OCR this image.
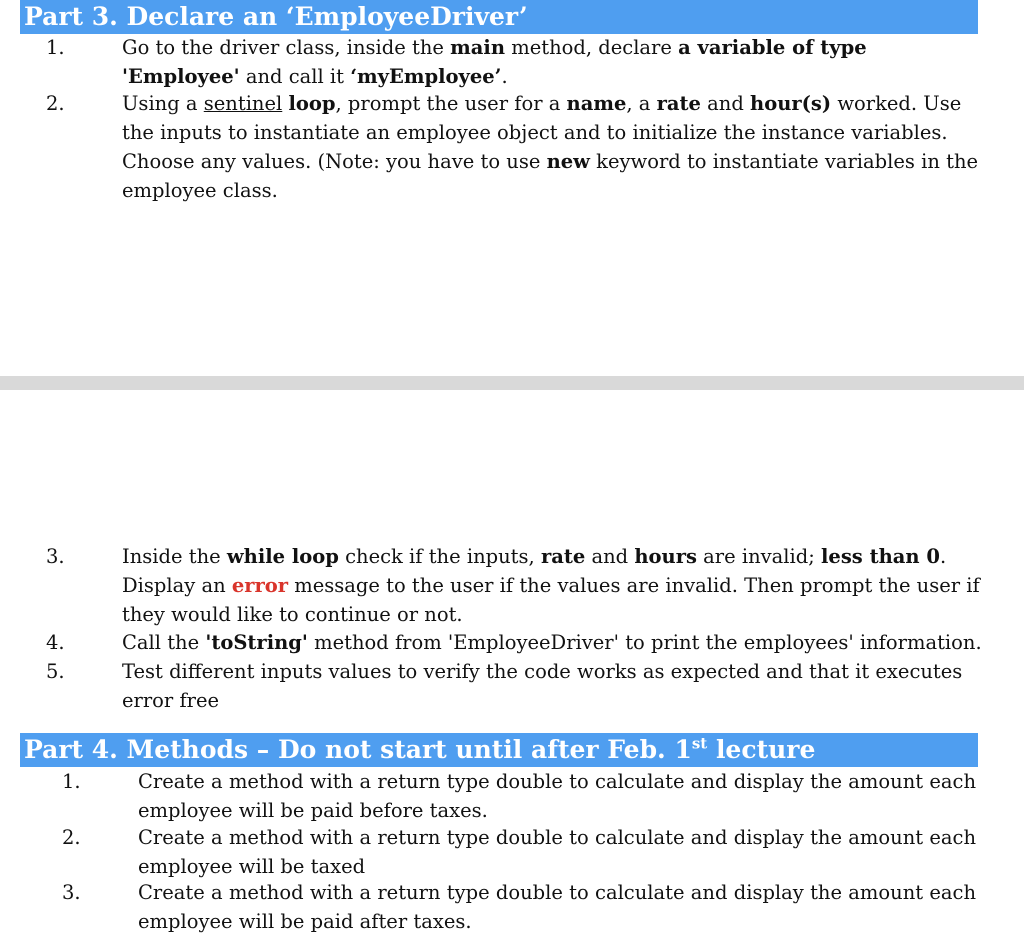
Part 3. Declare an ‘EmployeeDriver’
1.	Go to the driver class, inside the main method, declare a variable of type 'Employee' and call it ‘myEmployee’.
2.	Using a sentinel loop, prompt the user for a name, a rate and hour(s) worked. Use the inputs to instantiate an employee object and to initialize the instance variables. Choose any values. (Note: you have to use new keyword to instantiate variables in the employee class.
3.	Inside the while loop check if the inputs, rate and hours are invalid; less than 0. Display an error message to the user if the values are invalid. Then prompt the user if they would like to continue or not.
4.	Call the 'toString' method from 'EmployeeDriver' to print the employees' information.
5.	Test different inputs values to verify the code works as expected and that it executes error free
Part 4. Methods – Do not start until after Feb. 1st lecture
1.	Create a method with a return type double to calculate and display the amount each employee will be paid before taxes.
2.	Create a method with a return type double to calculate and display the amount each employee will be taxed
3.	Create a method with a return type double to calculate and display the amount each employee will be paid after taxes.
